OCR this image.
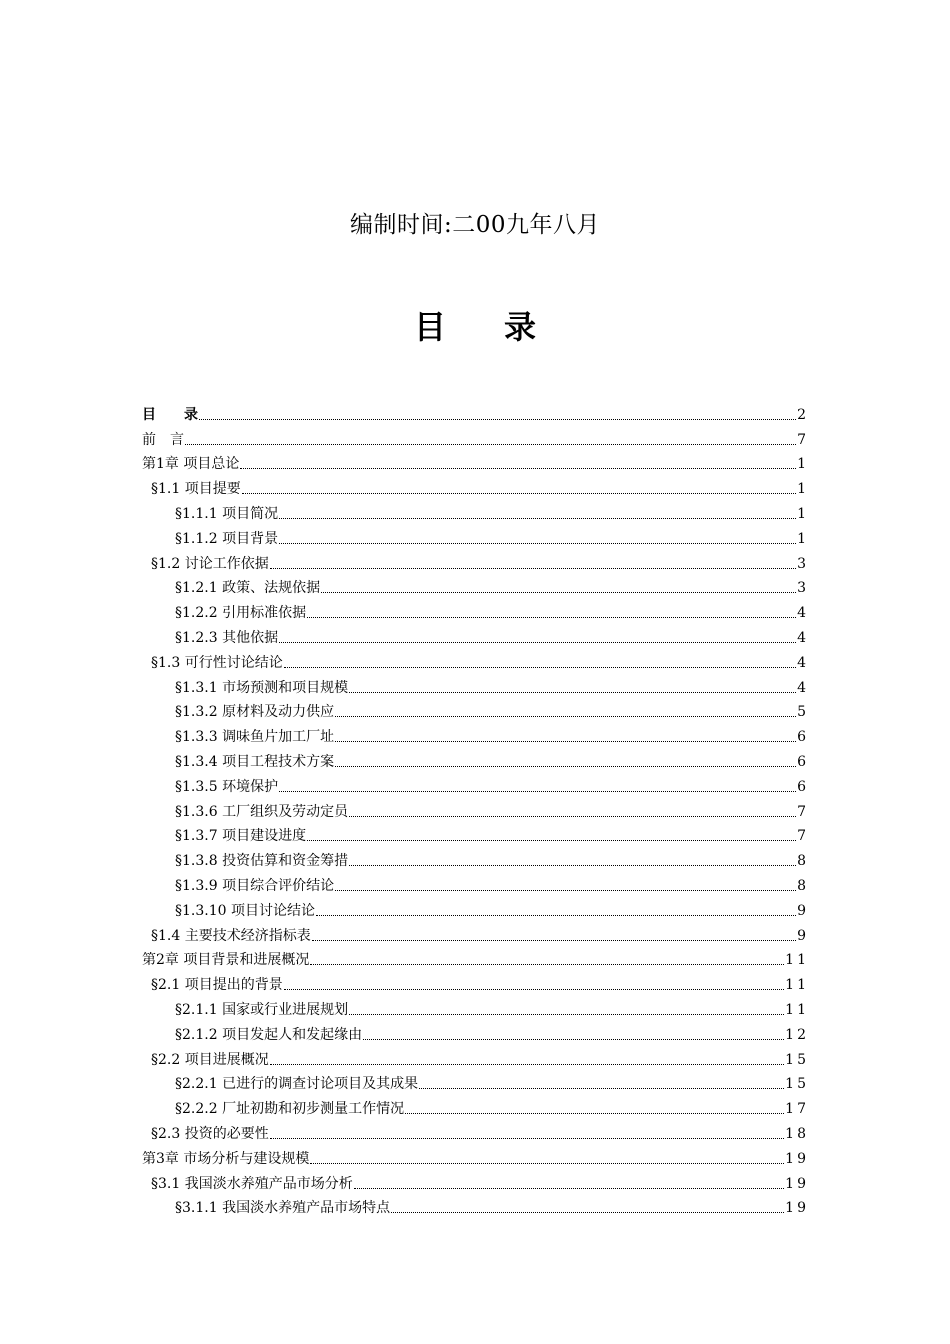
编制时间:二00九年八月
目 录
目　　录	2
前　言	7
第1章 项目总论	1
§1.1 项目提要	1
§1.1.1 项目简况	1
§1.1.2 项目背景	1
§1.2 讨论工作依据	3
§1.2.1 政策、法规依据	3
§1.2.2 引用标准依据	4
§1.2.3 其他依据	4
§1.3 可行性讨论结论	4
§1.3.1 市场预测和项目规模	4
§1.3.2 原材料及动力供应	5
§1.3.3 调味鱼片加工厂址	6
§1.3.4 项目工程技术方案	6
§1.3.5 环境保护	6
§1.3.6 工厂组织及劳动定员	7
§1.3.7 项目建设进度	7
§1.3.8 投资估算和资金筹措	8
§1.3.9 项目综合评价结论	8
§1.3.10 项目讨论结论	9
§1.4 主要技术经济指标表	9
第2章 项目背景和进展概况	11
§2.1 项目提出的背景	11
§2.1.1 国家或行业进展规划	11
§2.1.2 项目发起人和发起缘由	12
§2.2 项目进展概况	15
§2.2.1 已进行的调查讨论项目及其成果	15
§2.2.2 厂址初勘和初步测量工作情况	17
§2.3 投资的必要性	18
第3章 市场分析与建设规模	19
§3.1 我国淡水养殖产品市场分析	19
§3.1.1 我国淡水养殖产品市场特点	19
